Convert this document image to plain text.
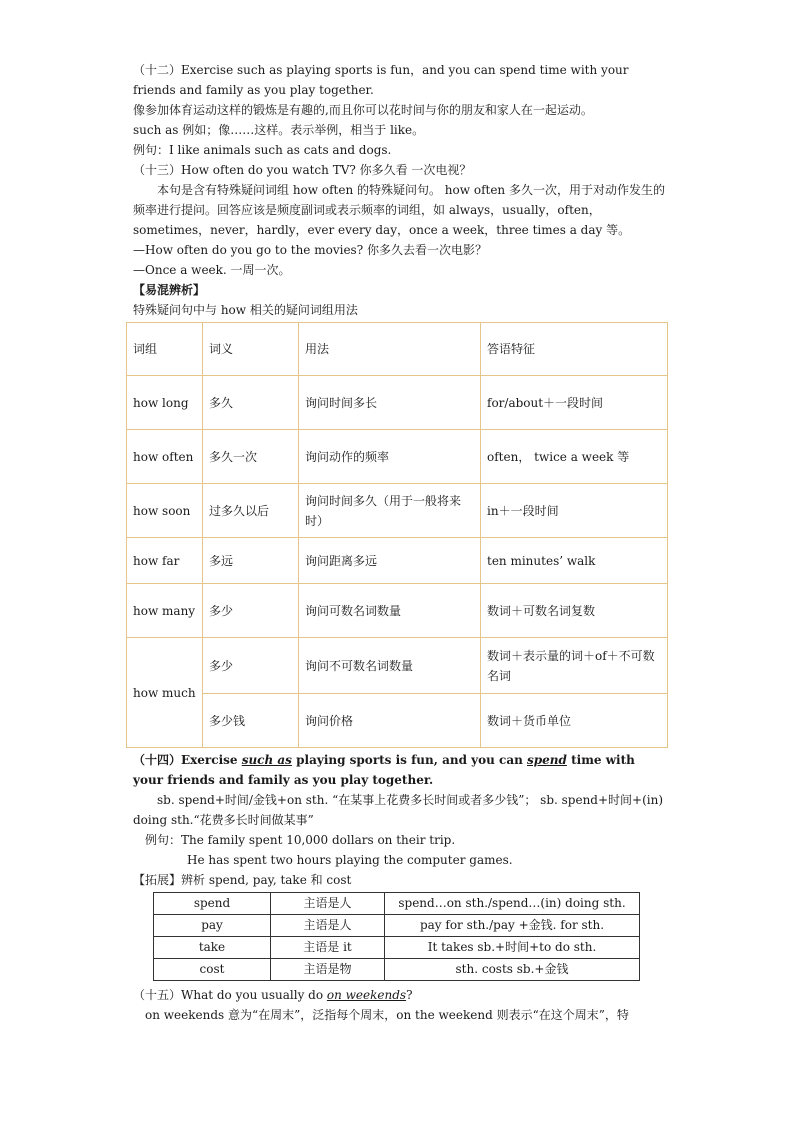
（十二）Exercise such as playing sports is fun，and you can spend time with your friends and family as you play together.

像参加体育运动这样的锻炼是有趣的,而且你可以花时间与你的朋友和家人在一起运动。

such as 例如；像……这样。表示举例，相当于 like。

例句：I like animals such as cats and dogs.

（十三）How often do you watch TV? 你多久看 一次电视？

本句是含有特殊疑问词组 how often 的特殊疑问句。 how often 多久一次，用于对动作发生的频率进行提问。回答应该是频度副词或表示频率的词组，如 always，usually，often，sometimes，never，hardly，ever every day，once a week，three times a day 等。

—How often do you go to the movies? 你多久去看一次电影？

—Once a week. 一周一次。

【易混辨析】

特殊疑问句中与 how 相关的疑问词组用法

词组	词义	用法	答语特征
how long	多久	询问时间多长	for/about＋一段时间
how often	多久一次	询问动作的频率	often， twice a week 等
how soon	过多久以后	询问时间多久（用于一般将来时）	in＋一段时间
how far	多远	询问距离多远	ten minutes’ walk
how many	多少	询问可数名词数量	数词＋可数名词复数
how much	多少	询问不可数名词数量	数词＋表示量的词＋of＋不可数名词
	多少钱	询问价格	数词＋货币单位

（十四）Exercise such as playing sports is fun, and you can spend time with your friends and family as you play together.

sb. spend+时间/金钱+on sth. “在某事上花费多长时间或者多少钱”； sb. spend+时间+(in) doing sth.“花费多长时间做某事”

例句：The family spent 10,000 dollars on their trip.

He has spent two hours playing the computer games.

【拓展】辨析 spend, pay, take 和 cost

spend	主语是人	spend…on sth./spend…(in) doing sth.
pay	主语是人	pay for sth./pay +金钱. for sth.
take	主语是 it	It takes sb.+时间+to do sth.
cost	主语是物	sth. costs sb.+金钱

（十五）What do you usually do on weekends?

on weekends 意为“在周末”，泛指每个周末，on the weekend 则表示“在这个周末”，特
